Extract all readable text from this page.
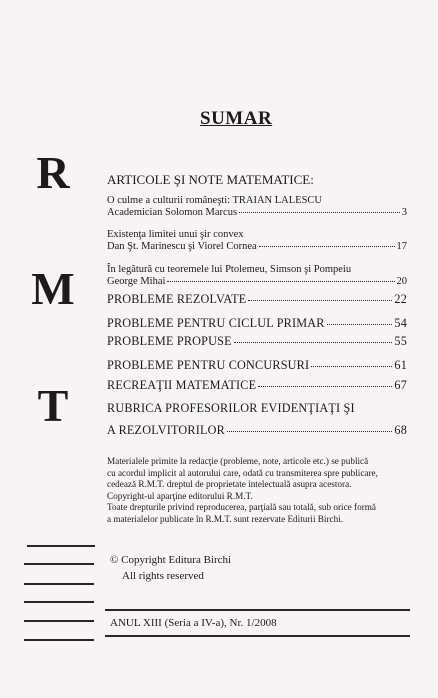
SUMAR
R
M
T
ARTICOLE ŞI NOTE MATEMATICE:
O culme a culturii româneşti: TRAIAN LALESCU
Academician Solomon Marcus	3
Existenţa limitei unui şir convex
Dan Şt. Marinescu şi Viorel Cornea	17
În legătură cu teoremele lui Ptolemeu, Simson şi Pompeiu
George Mihai	20
PROBLEME REZOLVATE	22
PROBLEME PENTRU CICLUL PRIMAR	54
PROBLEME PROPUSE	55
PROBLEME PENTRU CONCURSURI	61
RECREAŢII MATEMATICE	67
RUBRICA PROFESORILOR EVIDENŢIAŢI ŞI
A REZOLVITORILOR	68

Materialele primite la redacţie (probleme, note, articole etc.) se publică

cu acordul implicit al autorului care, odată cu transmiterea spre publicare,

cedează R.M.T. dreptul de proprietate intelectuală asupra acestora.

Copyright-ul aparţine editorului R.M.T.

Toate drepturile privind reproducerea, parţială sau totală, sub orice formă

a materialelor publicate în R.M.T. sunt rezervate Editurii Birchi.

© Copyright Editura Birchi

All rights reserved

ANUL XIII (Seria a IV-a), Nr. 1/2008
